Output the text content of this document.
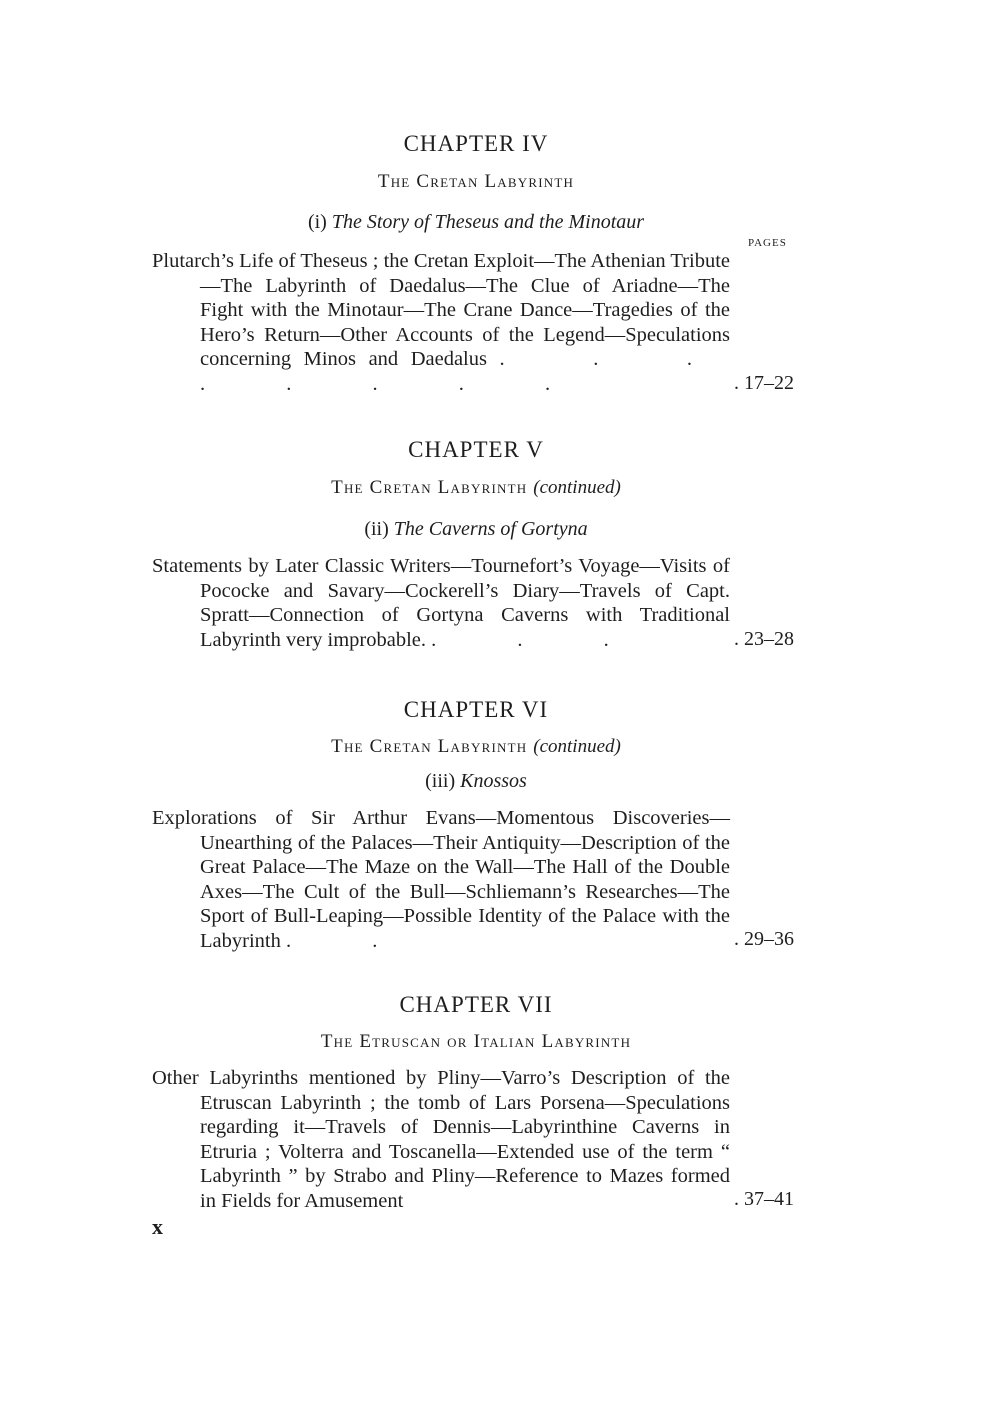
CHAPTER IV
The Cretan Labyrinth
(i) The Story of Theseus and the Minotaur
PAGES
Plutarch’s Life of Theseus ; the Cretan Exploit—The Athenian Tribute—The Labyrinth of Daedalus—The Clue of Ariadne—The Fight with the Minotaur—The Crane Dance—Tragedies of the Hero’s Return—Other Accounts of the Legend—Speculations concerning Minos and Daedalus . . . . . . . .	. 17–22
CHAPTER V
The Cretan Labyrinth (continued)
(ii) The Caverns of Gortyna
Statements by Later Classic Writers—Tournefort’s Voyage—Visits of Pococke and Savary—Cockerell’s Diary—Travels of Capt. Spratt—Connection of Gortyna Caverns with Traditional Labyrinth very improbable. . . .	. 23–28
CHAPTER VI
The Cretan Labyrinth (continued)
(iii) Knossos
Explorations of Sir Arthur Evans—Momentous Discoveries—Unearthing of the Palaces—Their Antiquity—Description of the Great Palace—The Maze on the Wall—The Hall of the Double Axes—The Cult of the Bull—Schliemann’s Researches—The Sport of Bull-Leaping—Possible Identity of the Palace with the Labyrinth . .	. 29–36
CHAPTER VII
The Etruscan or Italian Labyrinth
Other Labyrinths mentioned by Pliny—Varro’s Description of the Etruscan Labyrinth ; the tomb of Lars Porsena—Speculations regarding it—Travels of Dennis—Labyrinthine Caverns in Etruria ; Volterra and Toscanella—Extended use of the term “ Labyrinth ” by Strabo and Pliny—Reference to Mazes formed in Fields for Amusement	. 37–41
x
